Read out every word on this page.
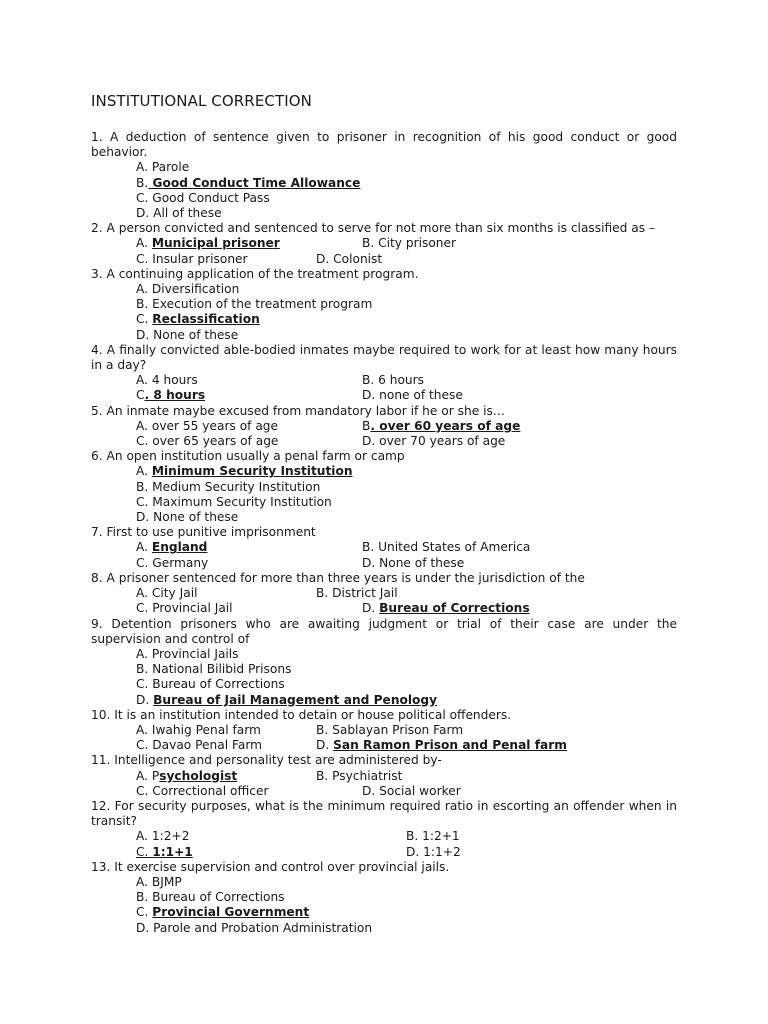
INSTITUTIONAL CORRECTION
1. A deduction of sentence given to prisoner in recognition of his good conduct or good behavior.
A. Parole
B. Good Conduct Time Allowance
C. Good Conduct Pass
D. All of these
2. A person convicted and sentenced to serve for not more than six months is classified as –
A. Municipal prisoner	B. City prisoner
C. Insular prisoner	D. Colonist
3. A continuing application of the treatment program.
A. Diversification
B. Execution of the treatment program
C. Reclassification
D. None of these
4. A finally convicted able-bodied inmates maybe required to work for at least how many hours in a day?
A. 4 hours	B. 6 hours
C. 8 hours	D. none of these
5. An inmate maybe excused from mandatory labor if he or she is…
A. over 55 years of age	B. over 60 years of age
C. over 65 years of age	D. over 70 years of age
6. An open institution usually a penal farm or camp
A. Minimum Security Institution
B. Medium Security Institution
C. Maximum Security Institution
D. None of these
7. First to use punitive imprisonment
A. England	B. United States of America
C. Germany	D. None of these
8. A prisoner sentenced for more than three years is under the jurisdiction of the
A. City Jail	B. District Jail
C. Provincial Jail	D. Bureau of Corrections
9. Detention prisoners who are awaiting judgment or trial of their case are under the supervision and control of
A. Provincial Jails
B. National Bilibid Prisons
C. Bureau of Corrections
D. Bureau of Jail Management and Penology
10. It is an institution intended to detain or house political offenders.
A. Iwahig Penal farm	B. Sablayan Prison Farm
C. Davao Penal Farm	D. San Ramon Prison and Penal farm
11. Intelligence and personality test are administered by-
A. Psychologist	B. Psychiatrist
C. Correctional officer	D. Social worker
12. For security purposes, what is the minimum required ratio in escorting an offender when in transit?
A. 1:2+2	B. 1:2+1
C. 1:1+1	D. 1:1+2
13. It exercise supervision and control over provincial jails.
A. BJMP
B. Bureau of Corrections
C. Provincial Government
D. Parole and Probation Administration
